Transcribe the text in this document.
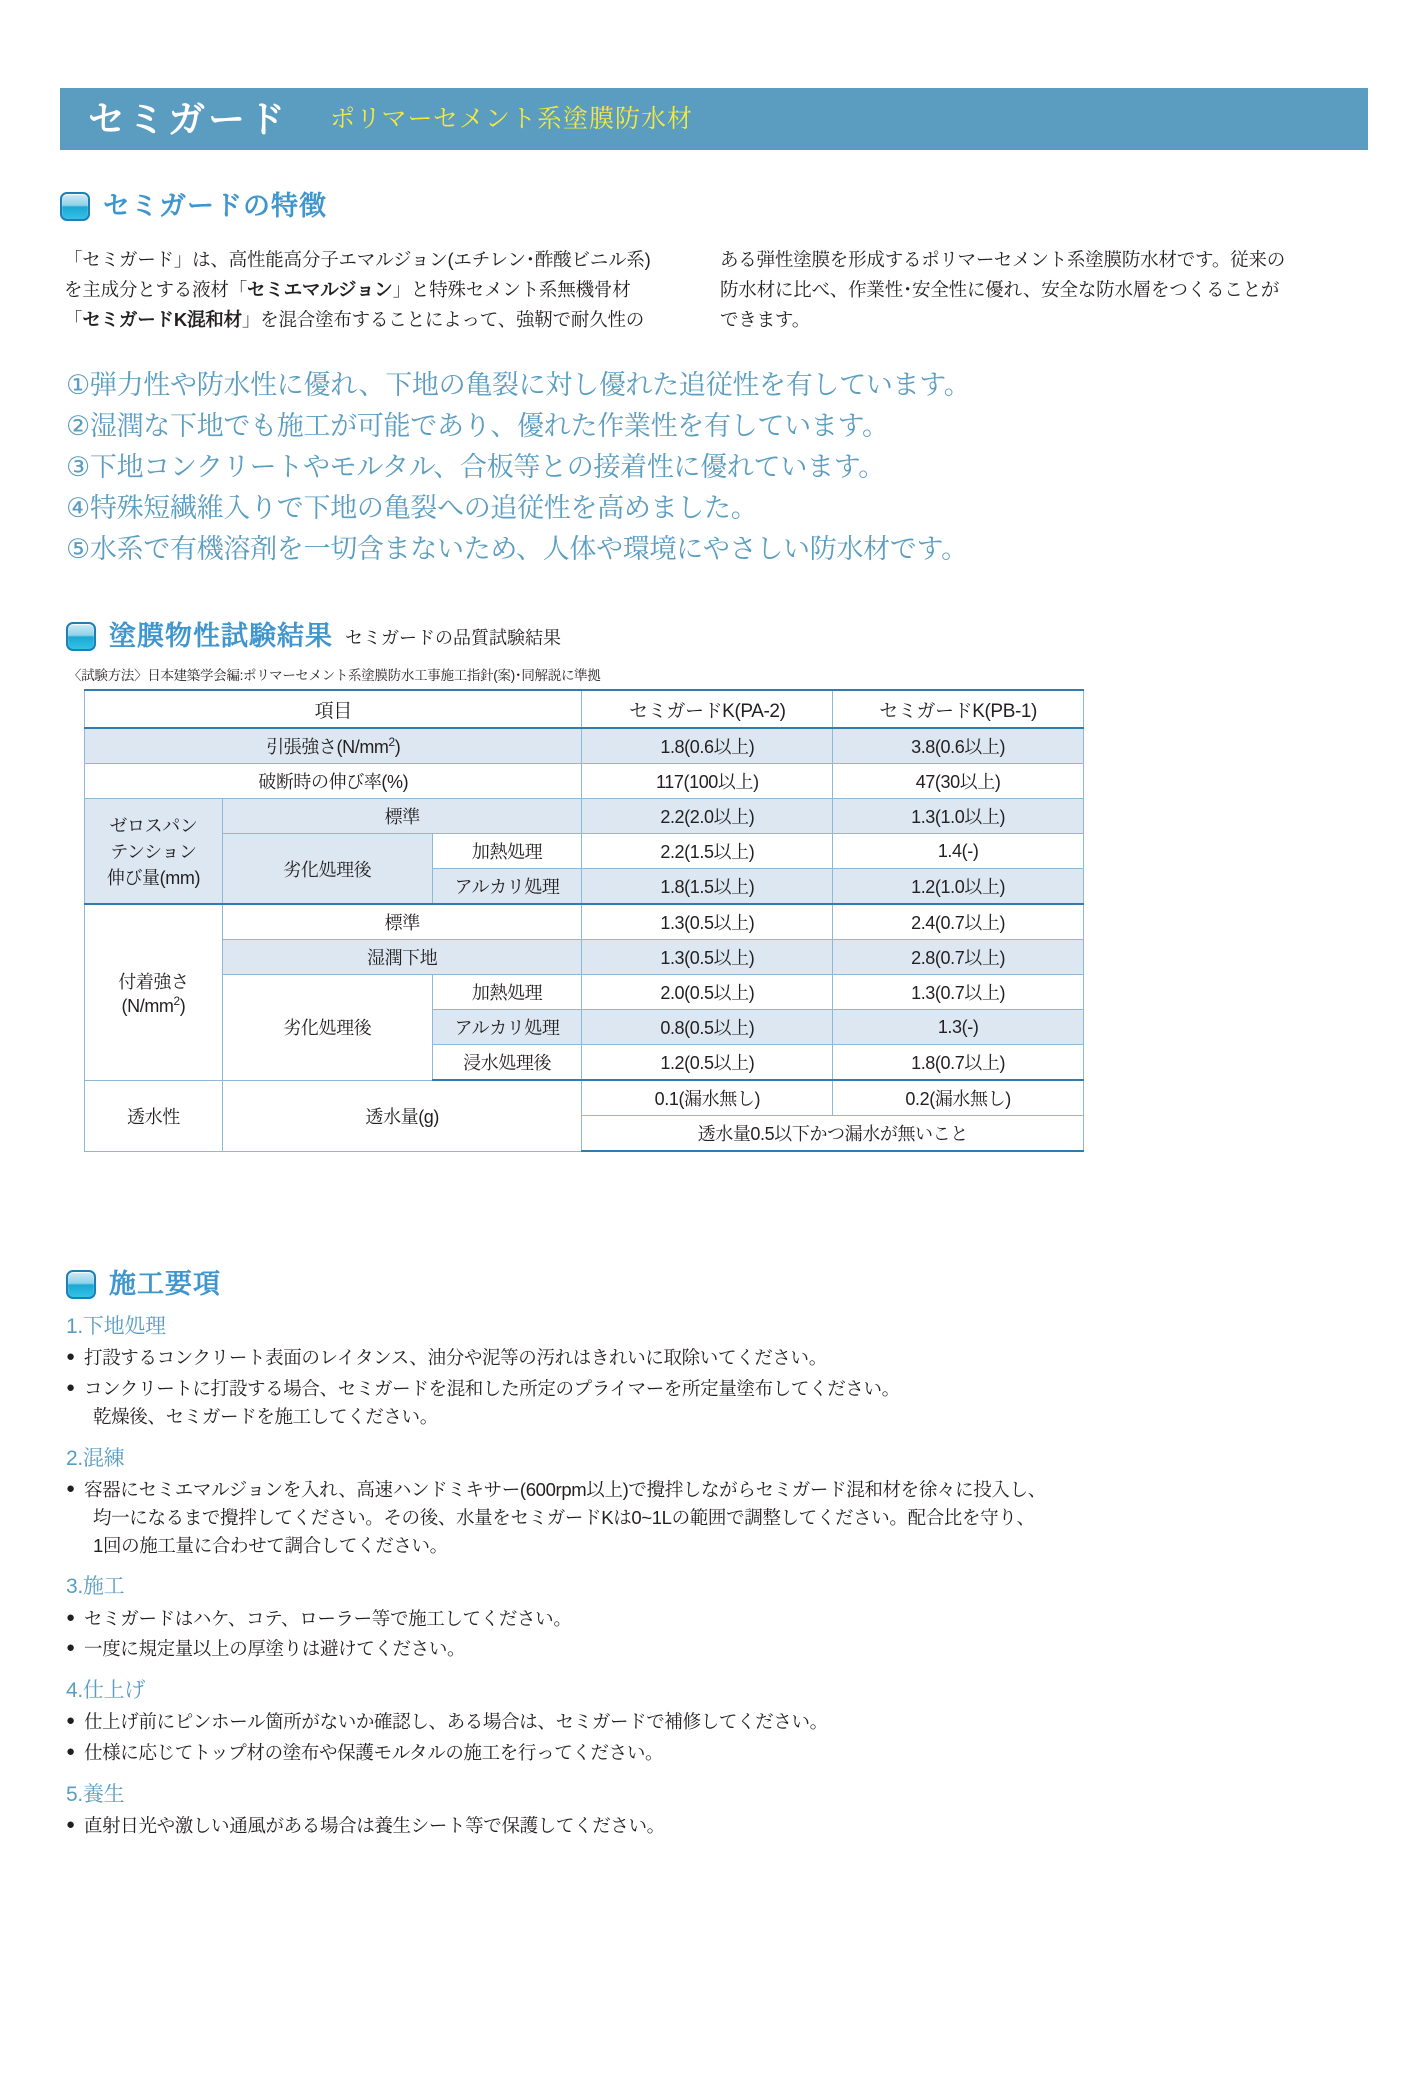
セミガード ポリマーセメント系塗膜防水材
セミガードの特徴
「セミガード」は、高性能高分子エマルジョン(エチレン･酢酸ビニル系)
を主成分とする液材「セミエマルジョン」と特殊セメント系無機骨材
「セミガードK混和材」を混合塗布することによって、強靭で耐久性の
ある弾性塗膜を形成するポリマーセメント系塗膜防水材です。従来の
防水材に比べ、作業性･安全性に優れ、安全な防水層をつくることが
できます。
①弾力性や防水性に優れ、下地の亀裂に対し優れた追従性を有しています。
②湿潤な下地でも施工が可能であり、優れた作業性を有しています。
③下地コンクリートやモルタル、合板等との接着性に優れています。
④特殊短繊維入りで下地の亀裂への追従性を高めました。
⑤水系で有機溶剤を一切含まないため、人体や環境にやさしい防水材です。
塗膜物性試験結果 セミガードの品質試験結果
〈試験方法〉日本建築学会編:ポリマーセメント系塗膜防水工事施工指針(案)･同解説に準拠
項目			セミガードK(PA-2)	セミガードK(PB-1)
引張強さ$(N/mm^2)$			1.8(0.6以上)	3.8(0.6以上)
破断時の伸び率(%)			117(100以上)	47(30以上)

ゼロスパン
テンション
伸び量(mm)	標準		2.2(2.0以上)	1.3(1.0以上)
	劣化処理後	加熱処理	2.2(1.5以上)	1.4(-)
		アルカリ処理	1.8(1.5以上)	1.2(1.0以上)

付着強さ
$(N/mm^2)$	標準		1.3(0.5以上)	2.4(0.7以上)
	湿潤下地		1.3(0.5以上)	2.8(0.7以上)
	劣化処理後	加熱処理	2.0(0.5以上)	1.3(0.7以上)
		アルカリ処理	0.8(0.5以上)	1.3(-)
		浸水処理後	1.2(0.5以上)	1.8(0.7以上)
透水性	透水量(g)		0.1(漏水無し)	0.2(漏水無し)
			透水量0.5以下かつ漏水が無いこと	
施工要項
1.下地処理
● 打設するコンクリート表面のレイタンス、油分や泥等の汚れはきれいに取除いてください。
● コンクリートに打設する場合、セミガードを混和した所定のプライマーを所定量塗布してください。
乾燥後、セミガードを施工してください。
2.混練
● 容器にセミエマルジョンを入れ、高速ハンドミキサー(600rpm以上)で攪拌しながらセミガード混和材を徐々に投入し、
均一になるまで攪拌してください。その後、水量をセミガードKは0~1Lの範囲で調整してください。配合比を守り、
1回の施工量に合わせて調合してください。
3.施工
● セミガードはハケ、コテ、ローラー等で施工してください。
● 一度に規定量以上の厚塗りは避けてください。
4.仕上げ
● 仕上げ前にピンホール箇所がないか確認し、ある場合は、セミガードで補修してください。
● 仕様に応じてトップ材の塗布や保護モルタルの施工を行ってください。
5.養生
● 直射日光や激しい通風がある場合は養生シート等で保護してください。
